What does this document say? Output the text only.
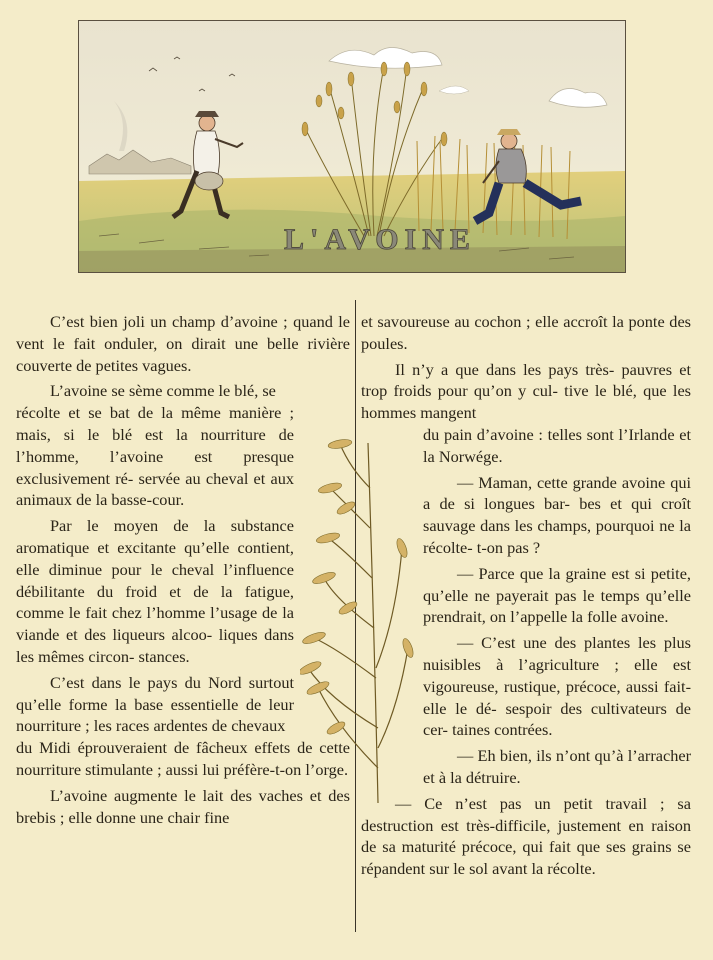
L'AVOINE

C’est bien joli un champ d’avoine ; quand le vent le fait onduler, on dirait une belle rivière couverte de petites vagues.

L’avoine se sème comme le blé, se

récolte et se bat de la même manière ; mais, si le blé est la nourriture de l’homme, l’avoine est presque exclusivement ré- servée au cheval et aux animaux de la basse-cour.

Par le moyen de la substance aromatique et excitante qu’elle contient, elle diminue pour le cheval l’influence débilitante du froid et de la fatigue, comme le fait chez l’homme l’usage de la viande et des liqueurs alcoo- liques dans les mêmes circon- stances.

C’est dans le pays du Nord surtout qu’elle forme la base essentielle de leur nourriture ; les races ardentes de chevaux

du Midi éprouveraient de fâcheux effets de cette nourriture stimulante ; aussi lui préfère-t-on l’orge.

L’avoine augmente le lait des vaches et des brebis ; elle donne une chair fine

et savoureuse au cochon ; elle accroît la ponte des poules.

Il n’y a que dans les pays très- pauvres et trop froids pour qu’on y cul- tive le blé, que les hommes mangent

du pain d’avoine : telles sont l’Irlande et la Norwége.

— Maman, cette grande avoine qui a de si longues bar- bes et qui croît sauvage dans les champs, pourquoi ne la récolte- t-on pas ?

— Parce que la graine est si petite, qu’elle ne payerait pas le temps qu’elle prendrait, on l’appelle la folle avoine.

— C’est une des plantes les plus nuisibles à l’agriculture ; elle est vigoureuse, rustique, précoce, aussi fait-elle le dé- sespoir des cultivateurs de cer- taines contrées.

— Eh bien, ils n’ont qu’à l’arracher et à la détruire.

— Ce n’est pas un petit travail ; sa destruction est très-difficile, justement en raison de sa maturité précoce, qui fait que ses grains se répandent sur le sol avant la récolte.
